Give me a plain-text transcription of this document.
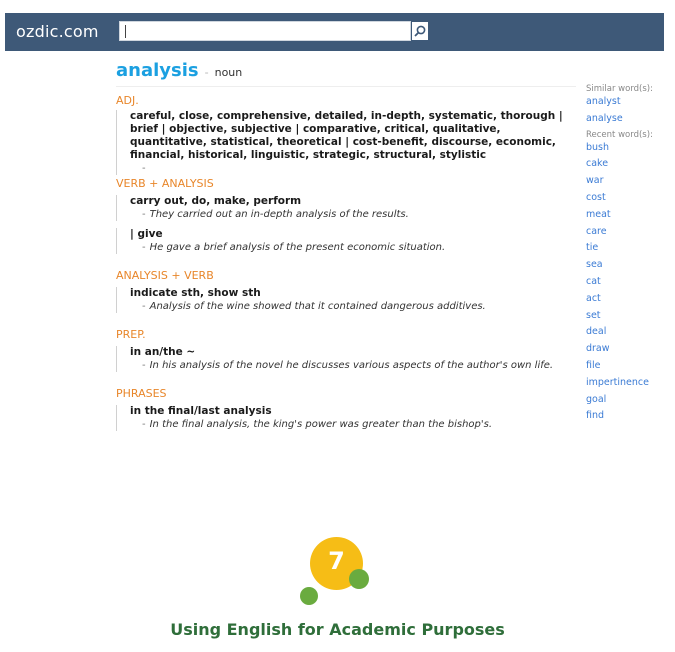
ozdic.com
analysis - noun
ADJ.
careful, close, comprehensive, detailed, in-depth, systematic, thorough | brief | objective, subjective | comparative, critical, qualitative, quantitative, statistical, theoretical | cost-benefit, discourse, economic, financial, historical, linguistic, strategic, structural, stylistic
-
VERB + ANALYSIS
carry out, do, make, perform
- They carried out an in-depth analysis of the results.
| give
- He gave a brief analysis of the present economic situation.
ANALYSIS + VERB
indicate sth, show sth
- Analysis of the wine showed that it contained dangerous additives.
PREP.
in an/the ~
- In his analysis of the novel he discusses various aspects of the author's own life.
PHRASES
in the final/last analysis
- In the final analysis, the king's power was greater than the bishop's.
Similar word(s):
analyst
analyse
Recent word(s):
bush
cake
war
cost
meat
care
tie
sea
cat
act
set
deal
draw
file
impertinence
goal
find
7
Using English for Academic Purposes
